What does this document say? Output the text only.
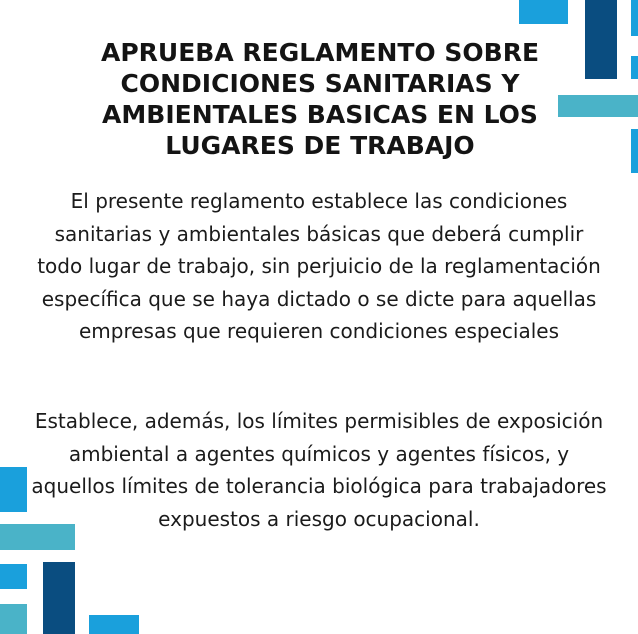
APRUEBA REGLAMENTO SOBRE CONDICIONES SANITARIAS Y AMBIENTALES BASICAS EN LOS LUGARES DE TRABAJO

El presente reglamento establece las condiciones sanitarias y ambientales básicas que deberá cumplir todo lugar de trabajo, sin perjuicio de la reglamentación específica que se haya dictado o se dicte para aquellas empresas que requieren condiciones especiales

Establece, además, los límites permisibles de exposición ambiental a agentes químicos y agentes físicos, y aquellos límites de tolerancia biológica para trabajadores expuestos a riesgo ocupacional.
